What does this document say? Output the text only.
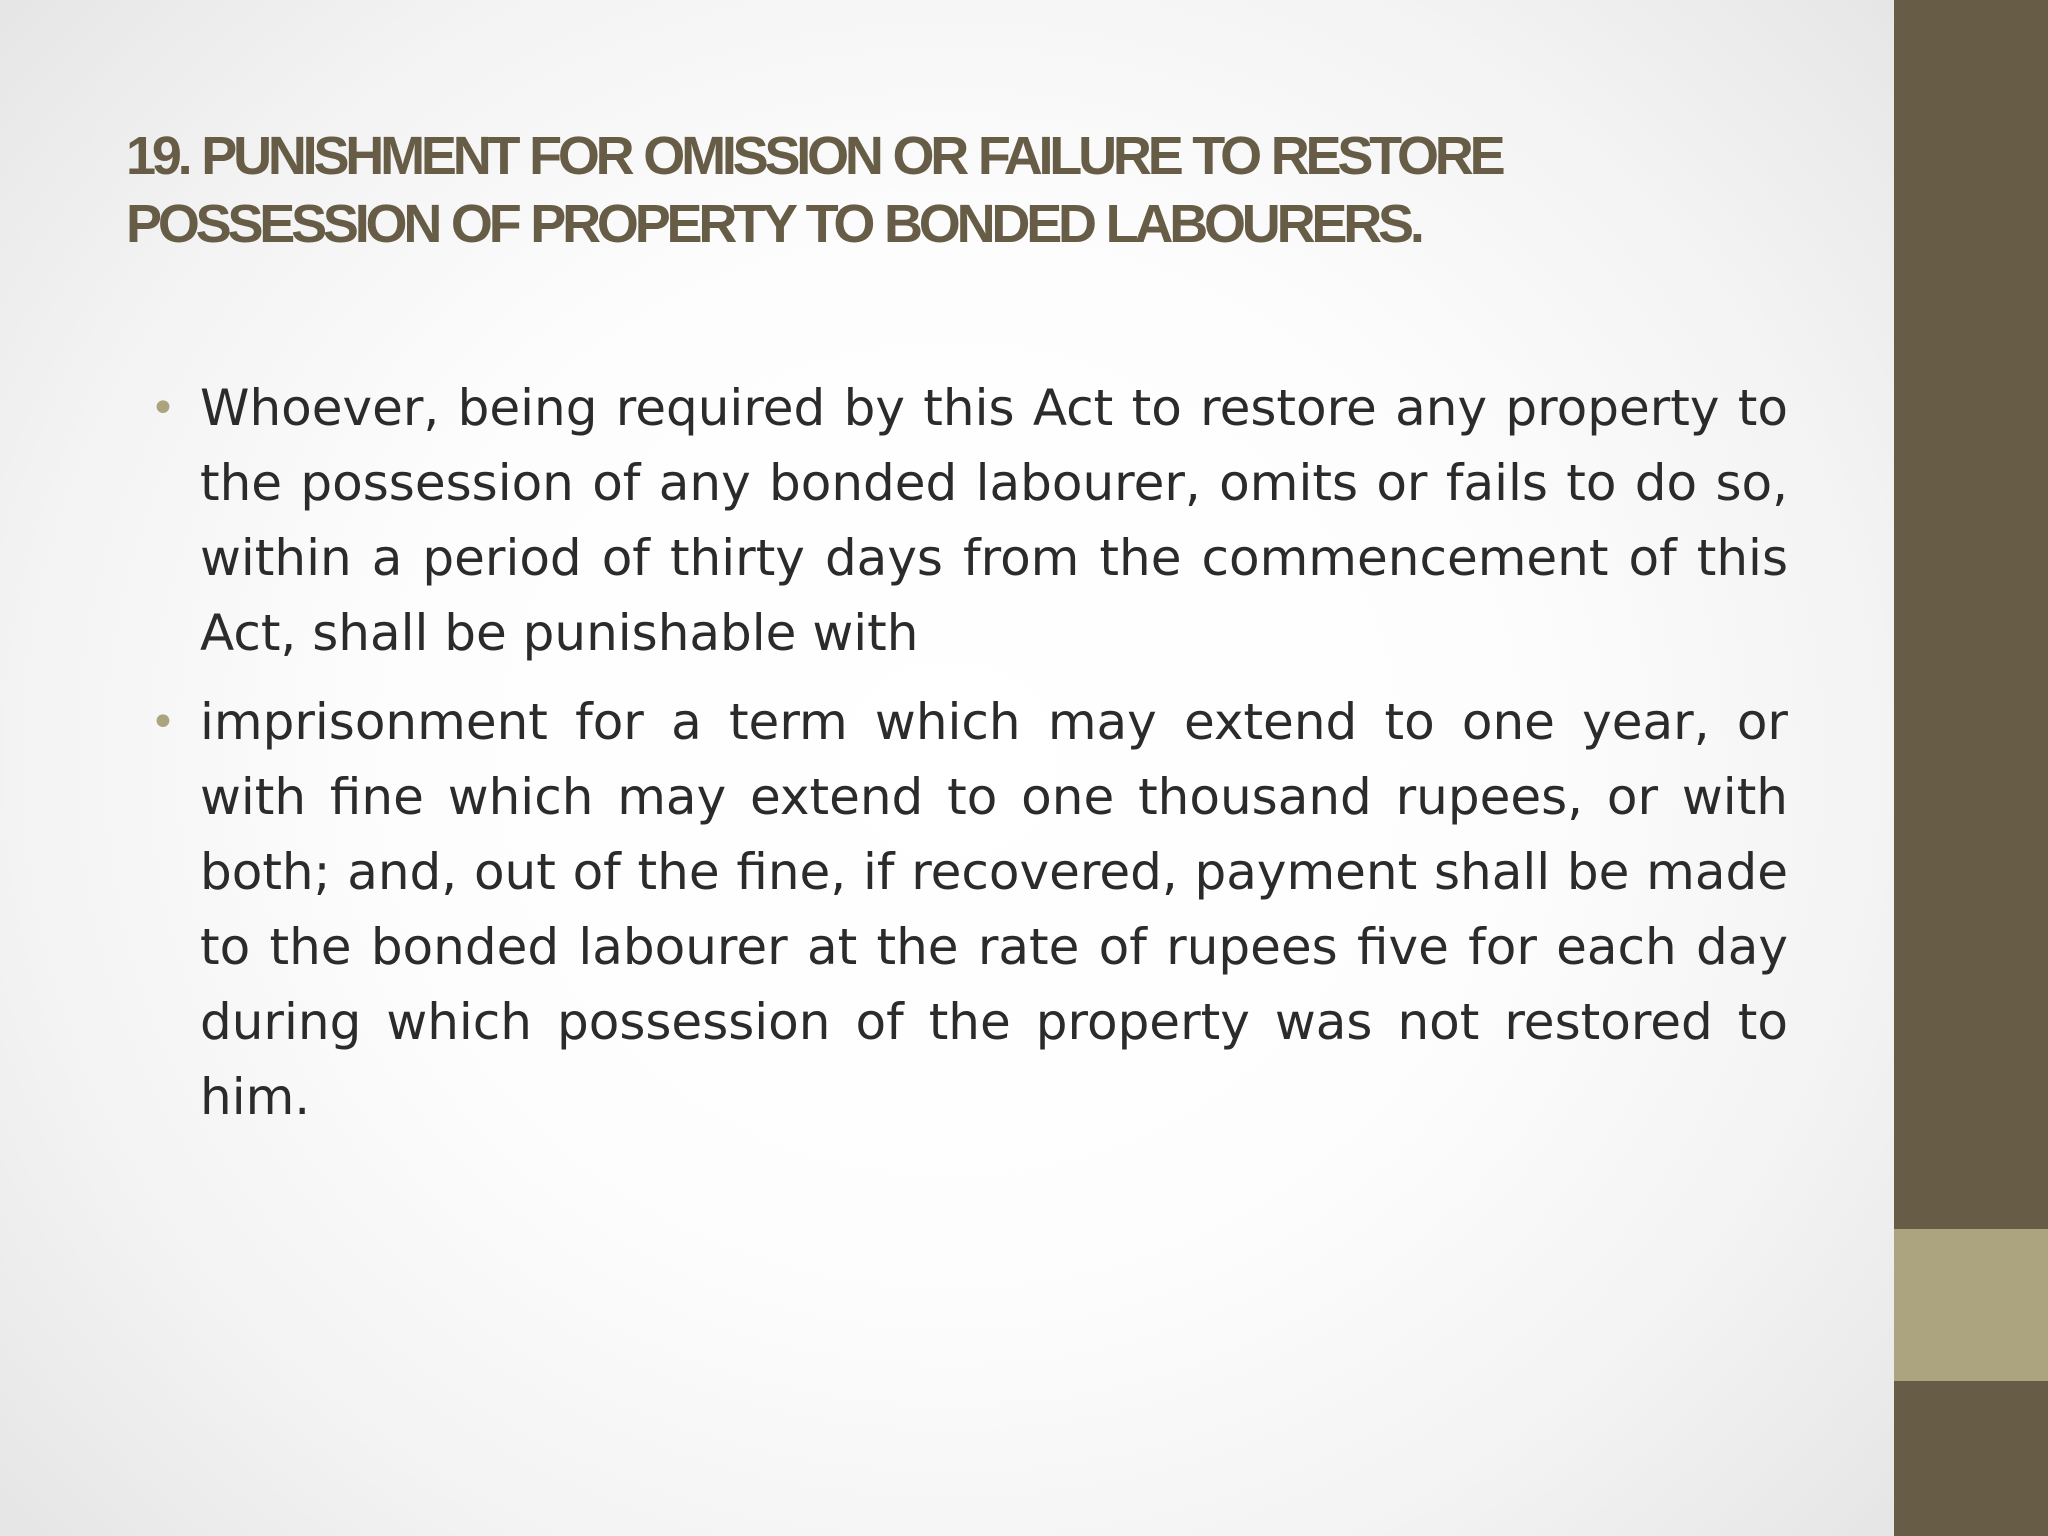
19. PUNISHMENT FOR OMISSION OR FAILURE TO RESTORE
POSSESSION OF PROPERTY TO BONDED LABOURERS.
• Whoever, being required by this Act to restore any property to the possession of any bonded labourer, omits or fails to do so, within a period of thirty days from the commencement of this Act, shall be punishable with
• imprisonment for a term which may extend to one year, or with fine which may extend to one thousand rupees, or with both; and, out of the fine, if recovered, payment shall be made to the bonded labourer at the rate of rupees five for each day during which possession of the property was not restored to him.
